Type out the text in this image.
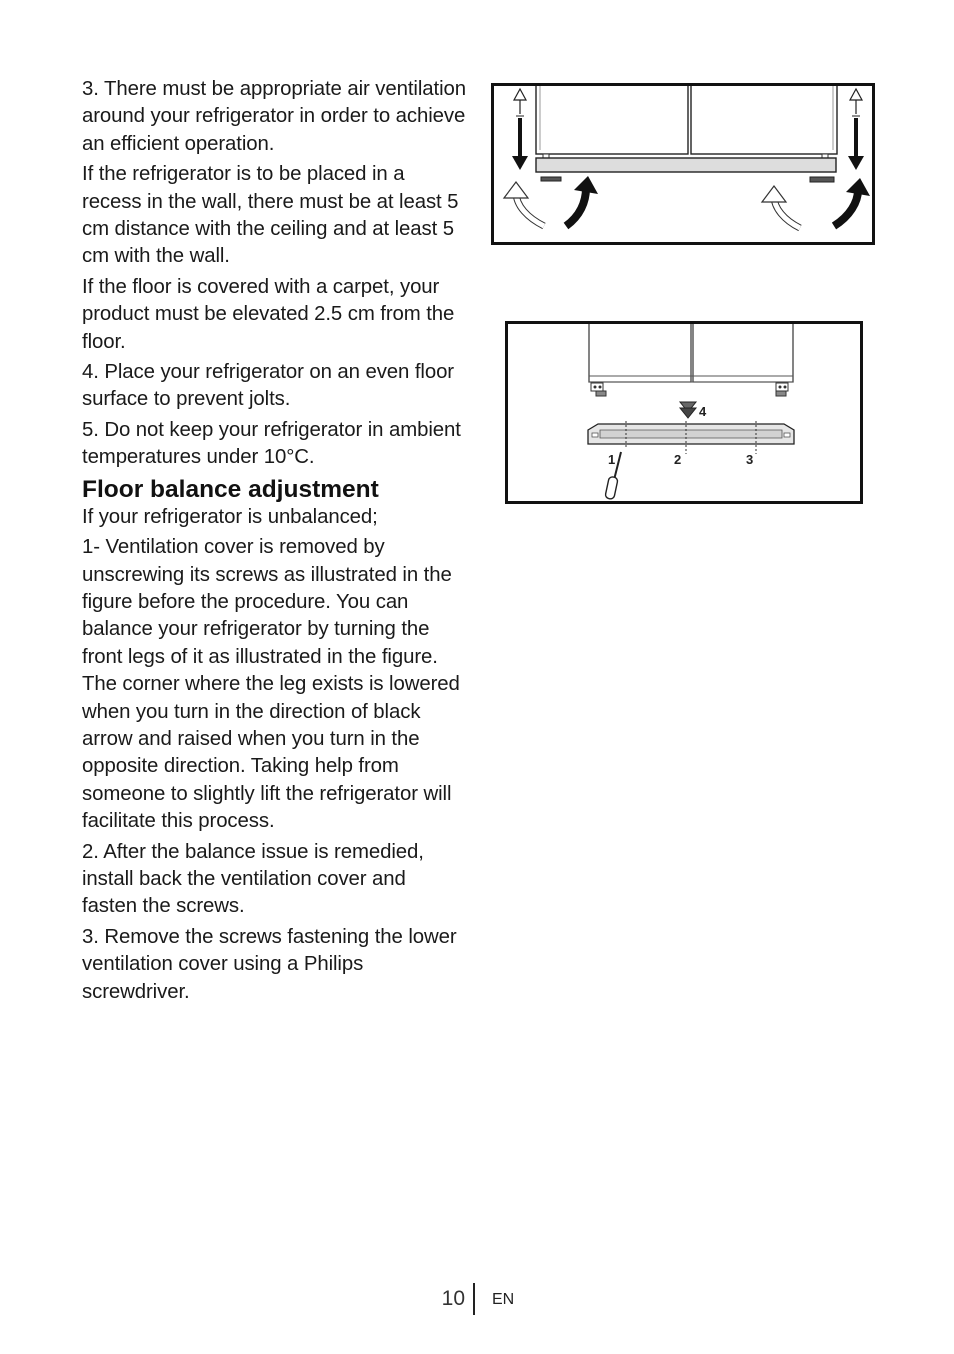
3. There must be appropriate air ventilation around your refrigerator in order to achieve an efficient operation.

If the refrigerator is to be placed in a recess in the wall, there must be at least 5 cm distance with the ceiling and at least 5 cm with the wall.

If the floor is covered with a carpet, your product must be elevated 2.5 cm from the floor.

4. Place your refrigerator on an even floor surface to prevent jolts.

5. Do not keep your refrigerator in ambient temperatures under 10°C.

Floor balance adjustment

If your refrigerator is unbalanced;

1- Ventilation cover is removed by unscrewing its screws as illustrated in the figure before the procedure. You can balance your refrigerator by turning the front legs of it as illustrated in the figure. The corner where the leg exists is lowered when you turn in the direction of black arrow and raised when you turn in the opposite direction. Taking help from someone to slightly lift the refrigerator will facilitate this process.

2. After the balance issue is remedied, install back the ventilation cover and fasten the screws.

3. Remove the screws fastening the lower ventilation cover using a Philips screwdriver.

1	2	3
4
10 EN
